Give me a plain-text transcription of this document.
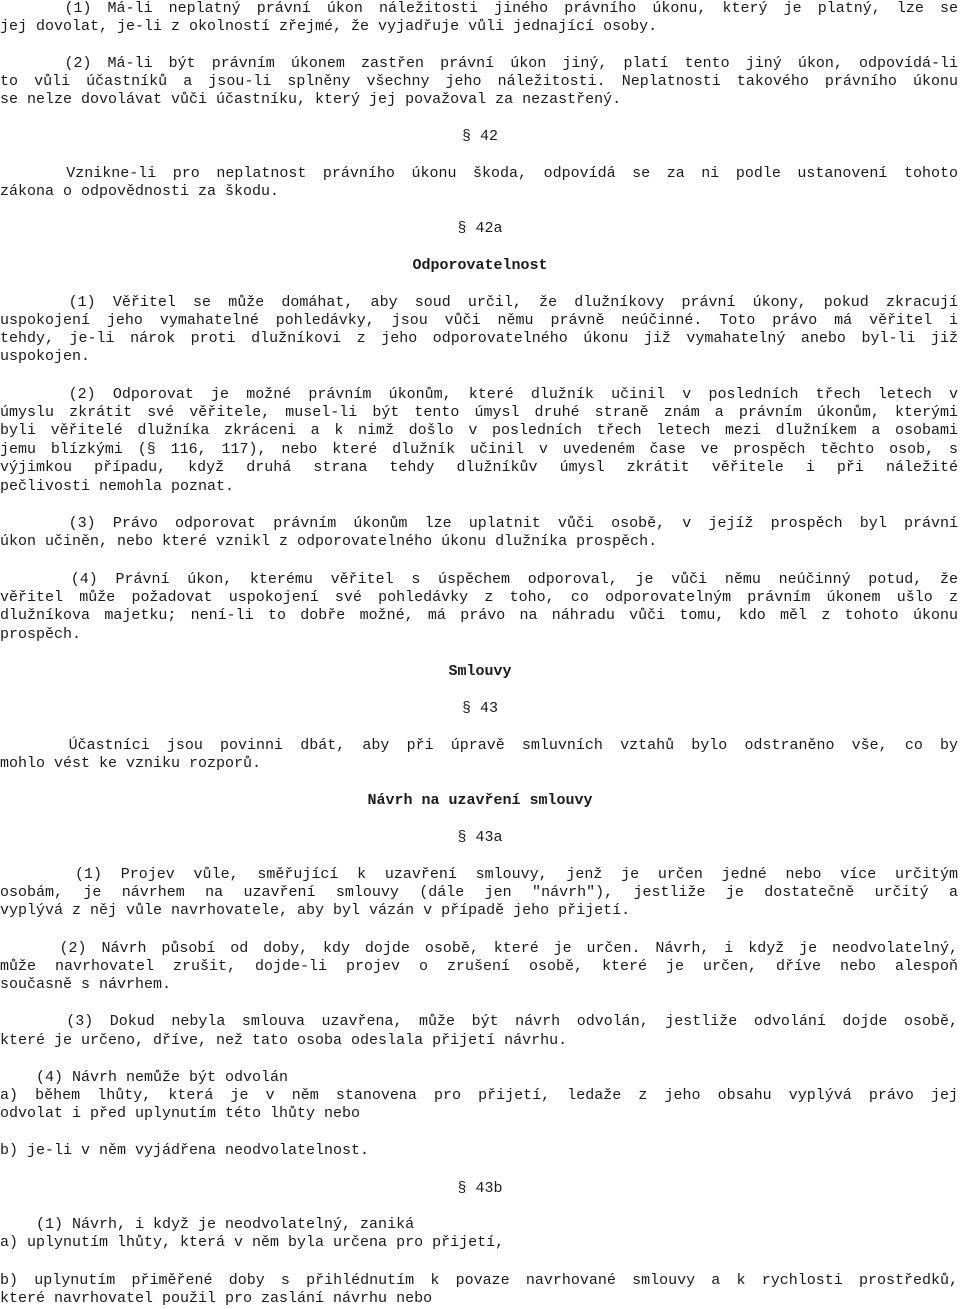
(1) Má-li neplatný právní úkon náležitosti jiného právního úkonu, který je platný, lze se
jej dovolat, je-li z okolností zřejmé, že vyjadřuje vůli jednající osoby.
(2) Má-li být právním úkonem zastřen právní úkon jiný, platí tento jiný úkon, odpovídá-li
to vůli účastníků a jsou-li splněny všechny jeho náležitosti. Neplatnosti takového právního úkonu
se nelze dovolávat vůči účastníku, který jej považoval za nezastřený.
§ 42
Vznikne-li pro neplatnost právního úkonu škoda, odpovídá se za ni podle ustanovení tohoto
zákona o odpovědnosti za škodu.
§ 42a
Odporovatelnost
(1) Věřitel se může domáhat, aby soud určil, že dlužníkovy právní úkony, pokud zkracují
uspokojení jeho vymahatelné pohledávky, jsou vůči němu právně neúčinné. Toto právo má věřitel i
tehdy, je-li nárok proti dlužníkovi z jeho odporovatelného úkonu již vymahatelný anebo byl-li již
uspokojen.
(2) Odporovat je možné právním úkonům, které dlužník učinil v posledních třech letech v
úmyslu zkrátit své věřitele, musel-li být tento úmysl druhé straně znám a právním úkonům, kterými
byli věřitelé dlužníka zkráceni a k nimž došlo v posledních třech letech mezi dlužníkem a osobami
jemu blízkými (§ 116, 117), nebo které dlužník učinil v uvedeném čase ve prospěch těchto osob, s
výjimkou případu, když druhá strana tehdy dlužníkův úmysl zkrátit věřitele i při náležité
pečlivosti nemohla poznat.
(3) Právo odporovat právním úkonům lze uplatnit vůči osobě, v jejíž prospěch byl právní
úkon učiněn, nebo které vznikl z odporovatelného úkonu dlužníka prospěch.
(4) Právní úkon, kterému věřitel s úspěchem odporoval, je vůči němu neúčinný potud, že
věřitel může požadovat uspokojení své pohledávky z toho, co odporovatelným právním úkonem ušlo z
dlužníkova majetku; není-li to dobře možné, má právo na náhradu vůči tomu, kdo měl z tohoto úkonu
prospěch.
Smlouvy
§ 43
Účastníci jsou povinni dbát, aby při úpravě smluvních vztahů bylo odstraněno vše, co by
mohlo vést ke vzniku rozporů.
Návrh na uzavření smlouvy
§ 43a
(1) Projev vůle, směřující k uzavření smlouvy, jenž je určen jedné nebo více určitým
osobám, je návrhem na uzavření smlouvy (dále jen "návrh"), jestliže je dostatečně určitý a
vyplývá z něj vůle navrhovatele, aby byl vázán v případě jeho přijetí.
(2) Návrh působí od doby, kdy dojde osobě, které je určen. Návrh, i když je neodvolatelný,
může navrhovatel zrušit, dojde-li projev o zrušení osobě, které je určen, dříve nebo alespoň
současně s návrhem.
(3) Dokud nebyla smlouva uzavřena, může být návrh odvolán, jestliže odvolání dojde osobě,
které je určeno, dříve, než tato osoba odeslala přijetí návrhu.
(4) Návrh nemůže být odvolán
a) během lhůty, která je v něm stanovena pro přijetí, ledaže z jeho obsahu vyplývá právo jej
odvolat i před uplynutím této lhůty nebo
b) je-li v něm vyjádřena neodvolatelnost.
§ 43b
(1) Návrh, i když je neodvolatelný, zaniká
a) uplynutím lhůty, která v něm byla určena pro přijetí,
b) uplynutím přiměřené doby s přihlédnutím k povaze navrhované smlouvy a k rychlosti prostředků,
které navrhovatel použil pro zaslání návrhu nebo
